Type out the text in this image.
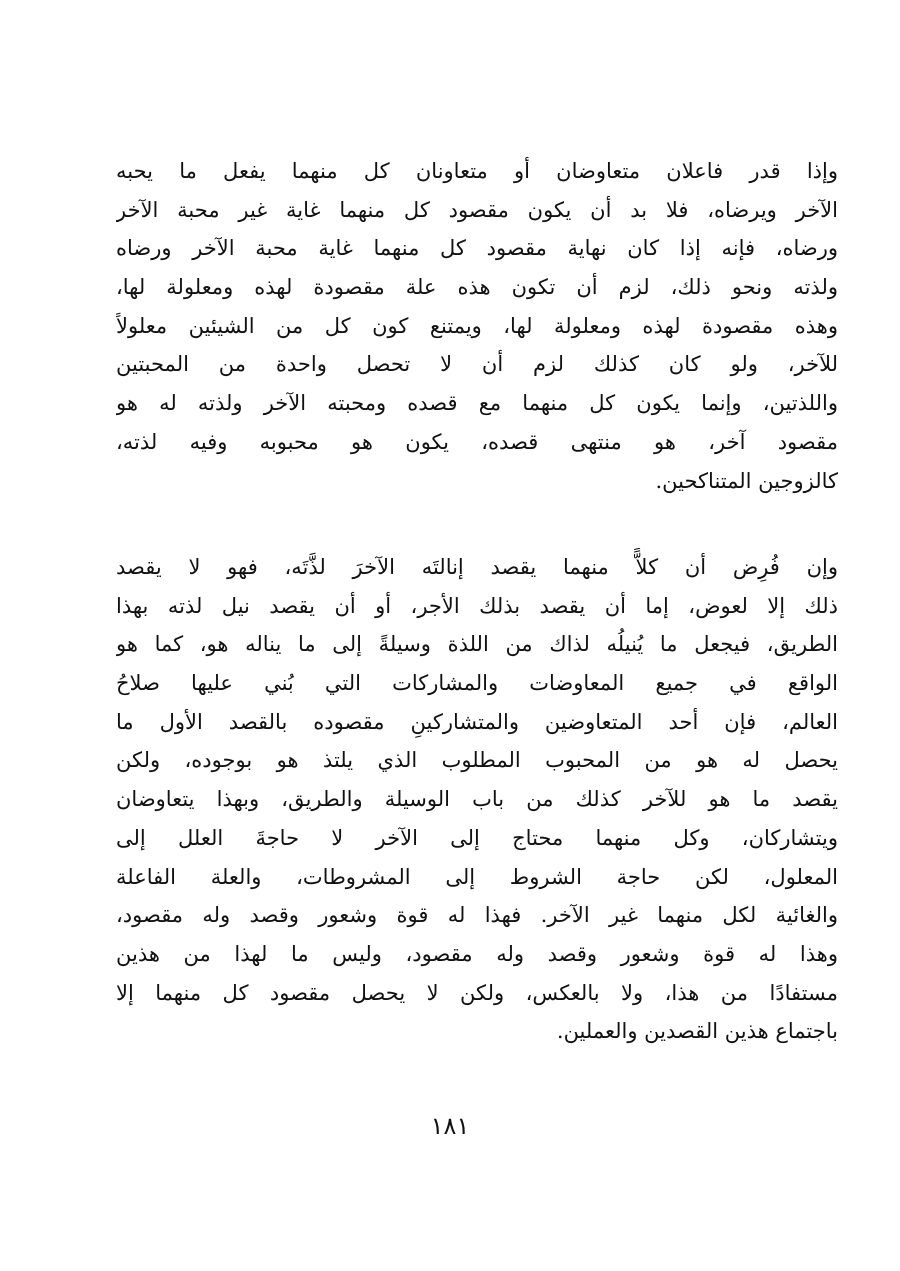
وإذا قدر فاعلان متعاوضان أو متعاونان كل منهما يفعل ما يحبه
الآخر ويرضاه، فلا بد أن يكون مقصود كل منهما غاية غير محبة الآخر
ورضاه، فإنه إذا كان نهاية مقصود كل منهما غاية محبة الآخر ورضاه
ولذته ونحو ذلك، لزم أن تكون هذه علة مقصودة لهذه ومعلولة لها،
وهذه مقصودة لهذه ومعلولة لها، ويمتنع كون كل من الشيئين معلولاً
للآخر، ولو كان كذلك لزم أن لا تحصل واحدة من المحبتين
واللذتين، وإنما يكون كل منهما مع قصده ومحبته الآخر ولذته له هو
مقصود آخر، هو منتهى قصده، يكون هو محبوبه وفيه لذته،
كالزوجين المتناكحين.
وإن فُرِض أن كلاًّ منهما يقصد إنالتَه الآخرَ لذَّتَه، فهو لا يقصد
ذلك إلا لعوض، إما أن يقصد بذلك الأجر، أو أن يقصد نيل لذته بهذا
الطريق، فيجعل ما يُنيلُه لذاك من اللذة وسيلةً إلى ما يناله هو، كما هو
الواقع في جميع المعاوضات والمشاركات التي بُني عليها صلاحُ
العالم، فإن أحد المتعاوضين والمتشاركينِ مقصوده بالقصد الأول ما
يحصل له هو من المحبوب المطلوب الذي يلتذ هو بوجوده، ولكن
يقصد ما هو للآخر كذلك من باب الوسيلة والطريق، وبهذا يتعاوضان
ويتشاركان، وكل منهما محتاج إلى الآخر لا حاجةَ العلل إلى
المعلول، لكن حاجة الشروط إلى المشروطات، والعلة الفاعلة
والغائية لكل منهما غير الآخر. فهذا له قوة وشعور وقصد وله مقصود،
وهذا له قوة وشعور وقصد وله مقصود، وليس ما لهذا من هذين
مستفادًا من هذا، ولا بالعكس، ولكن لا يحصل مقصود كل منهما إلا
باجتماع هذين القصدين والعملين.
١٨١
